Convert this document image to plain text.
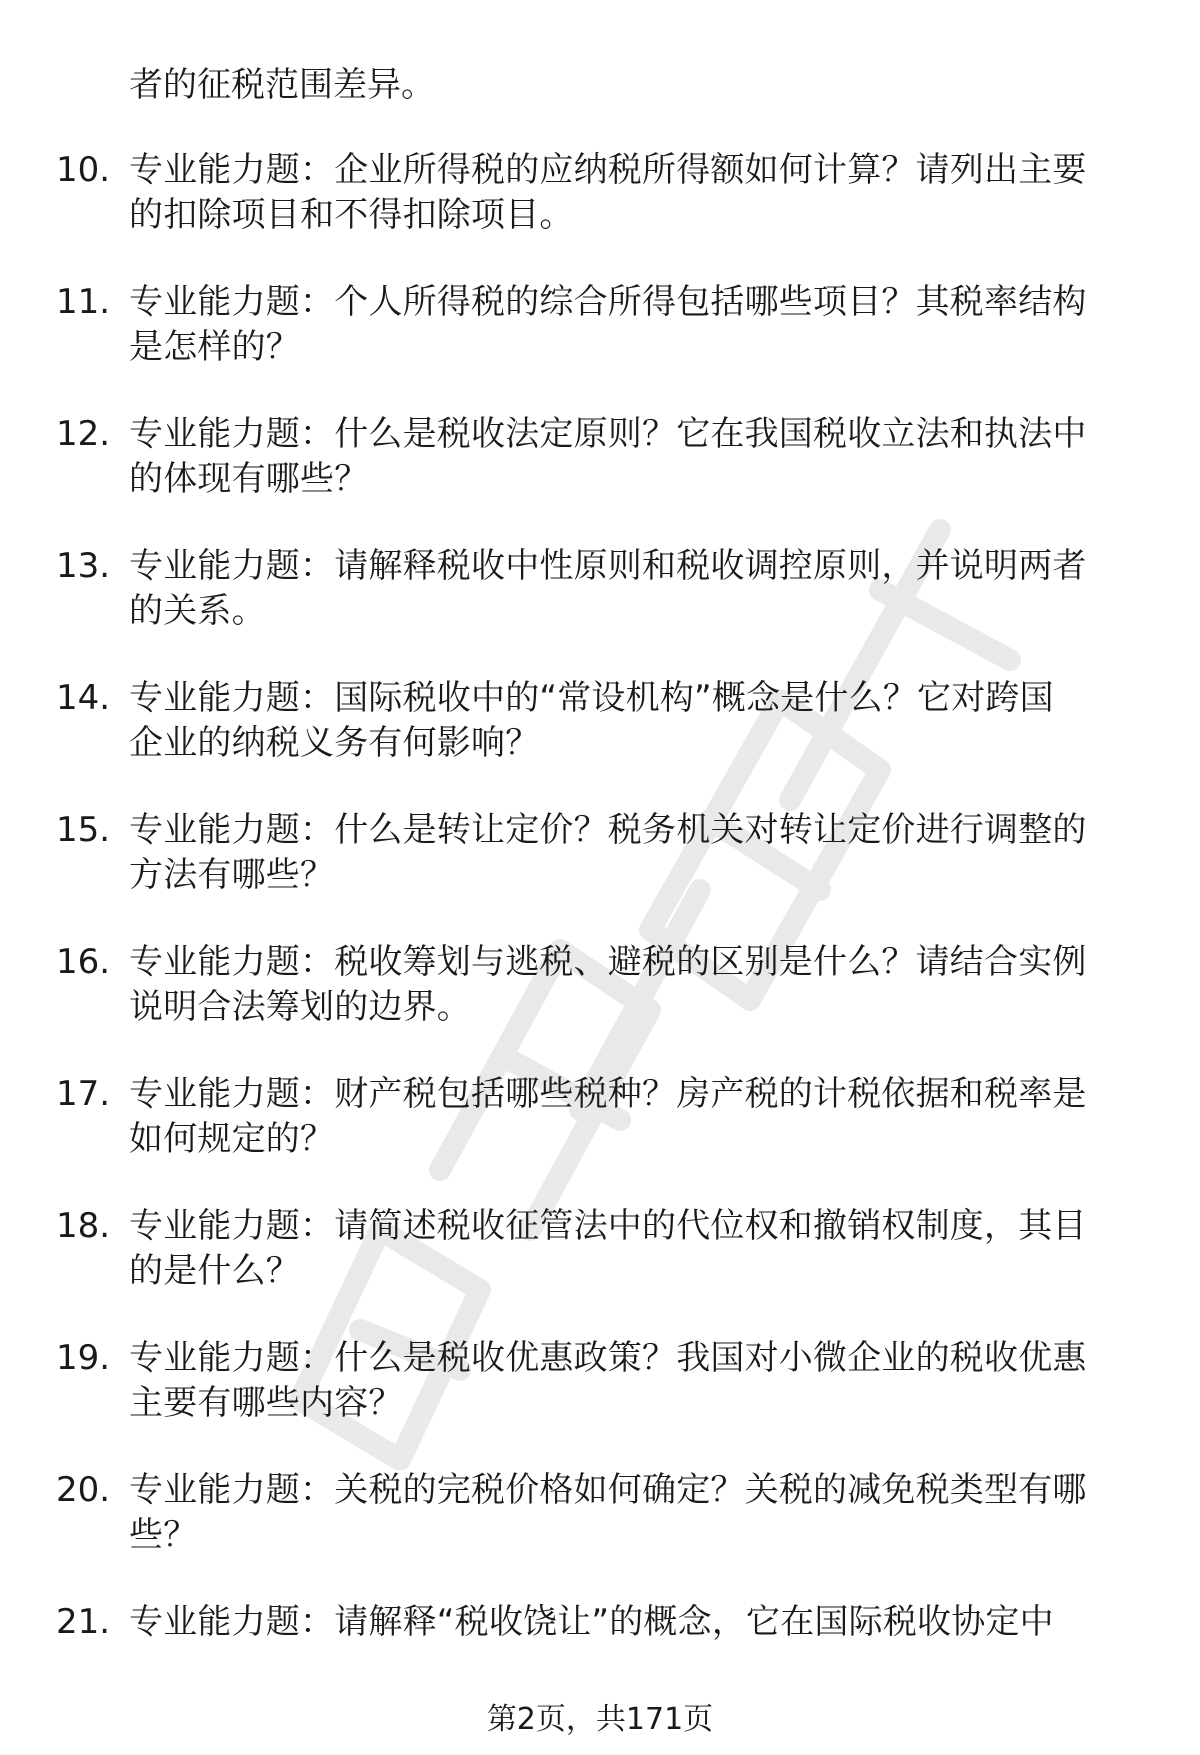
者的征税范围差异。

10. 专业能力题：企业所得税的应纳税所得额如何计算？请列出主要
的扣除项目和不得扣除项目。
11. 专业能力题：个人所得税的综合所得包括哪些项目？其税率结构
是怎样的？
12. 专业能力题：什么是税收法定原则？它在我国税收立法和执法中
的体现有哪些？
13. 专业能力题：请解释税收中性原则和税收调控原则，并说明两者
的关系。
14. 专业能力题：国际税收中的“常设机构”概念是什么？它对跨国
企业的纳税义务有何影响？
15. 专业能力题：什么是转让定价？税务机关对转让定价进行调整的
方法有哪些？
16. 专业能力题：税收筹划与逃税、避税的区别是什么？请结合实例
说明合法筹划的边界。
17. 专业能力题：财产税包括哪些税种？房产税的计税依据和税率是
如何规定的？
18. 专业能力题：请简述税收征管法中的代位权和撤销权制度，其目
的是什么？
19. 专业能力题：什么是税收优惠政策？我国对小微企业的税收优惠
主要有哪些内容？
20. 专业能力题：关税的完税价格如何确定？关税的减免税类型有哪
些？
21. 专业能力题：请解释“税收饶让”的概念，它在国际税收协定中
第2页，共171页
